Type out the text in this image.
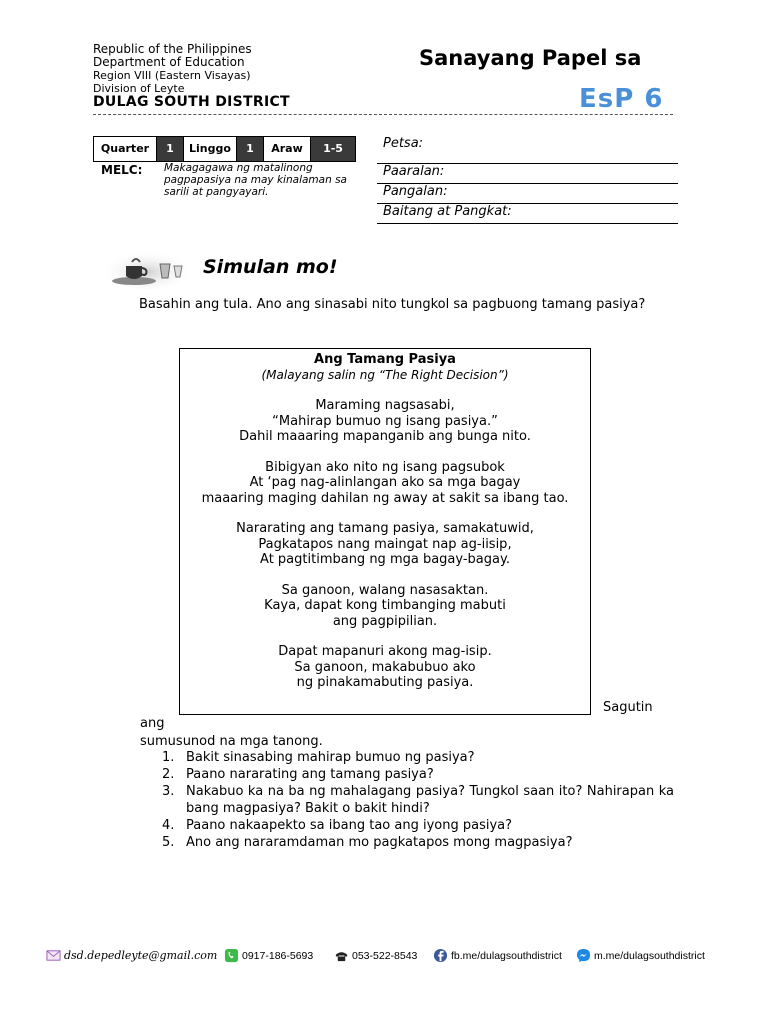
Republic of the Philippines
Department of Education
Region VIII (Eastern Visayas)
Division of Leyte
DULAG SOUTH DISTRICT
Sanayang Papel sa
EsP 6
Quarter	1	Linggo	1	Araw	1-5
MELC: Makagagawa ng matalinong pagpapasiya na may kinalaman sa sarili at pangyayari.
Petsa:
Paaralan:
Pangalan:
Baitang at Pangkat:
Simulan mo!
Basahin ang tula. Ano ang sinasabi nito tungkol sa pagbuong tamang pasiya?
Ang Tamang Pasiya
(Malayang salin ng “The Right Decision”)
Maraming nagsasabi,
“Mahirap bumuo ng isang pasiya.”
Dahil maaaring mapanganib ang bunga nito.
Bibigyan ako nito ng isang pagsubok
At ‘pag nag-alinlangan ako sa mga bagay
maaaring maging dahilan ng away at sakit sa ibang tao.
Nararating ang tamang pasiya, samakatuwid,
Pagkatapos nang maingat nap ag-iisip,
At pagtitimbang ng mga bagay-bagay.
Sa ganoon, walang nasasaktan.
Kaya, dapat kong timbanging mabuti
ang pagpipilian.
Dapat mapanuri akong mag-isip.
Sa ganoon, makabubuo ako
ng pinakamabuting pasiya.
Sagutin
ang
sumusunod na mga tanong.
1. Bakit sinasabing mahirap bumuo ng pasiya?
2. Paano nararating ang tamang pasiya?
3. Nakabuo ka na ba ng mahalagang pasiya? Tungkol saan ito? Nahirapan ka bang magpasiya? Bakit o bakit hindi?
4. Paano nakaapekto sa ibang tao ang iyong pasiya?
5. Ano ang nararamdaman mo pagkatapos mong magpasiya?
dsd.depedleyte@gmail.com 0917-186-5693	053-522-8543	fb.me/dulagsouthdistrict	m.me/dulagsouthdistrict
